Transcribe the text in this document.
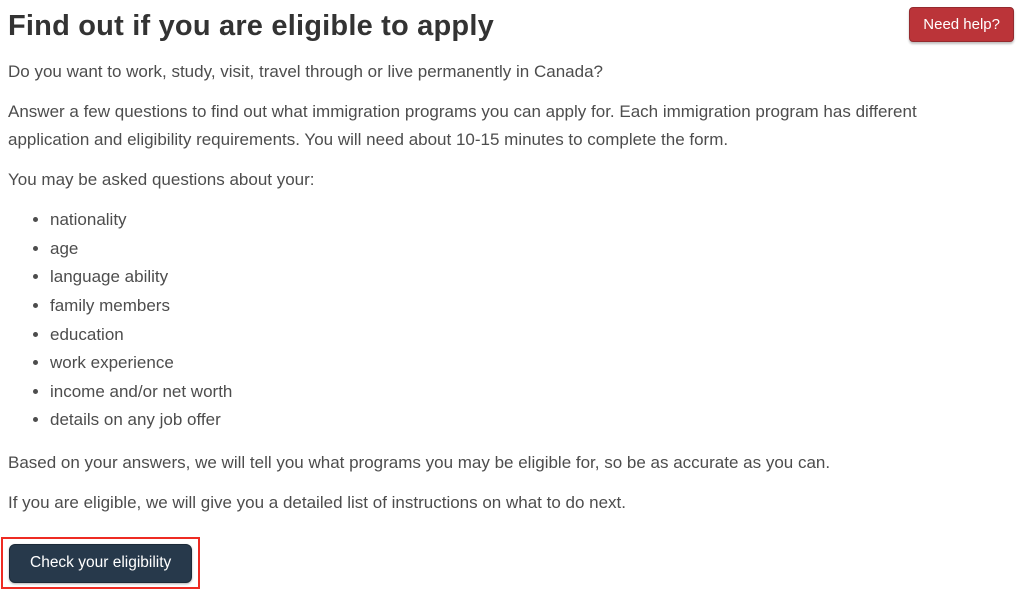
Find out if you are eligible to apply	Need help?

Do you want to work, study, visit, travel through or live permanently in Canada?

Answer a few questions to find out what immigration programs you can apply for. Each immigration program has different application and eligibility requirements. You will need about 10-15 minutes to complete the form.

You may be asked questions about your:

• nationality
• age
• language ability
• family members
• education
• work experience
• income and/or net worth
• details on any job offer

Based on your answers, we will tell you what programs you may be eligible for, so be as accurate as you can.

If you are eligible, we will give you a detailed list of instructions on what to do next.

Check your eligibility
